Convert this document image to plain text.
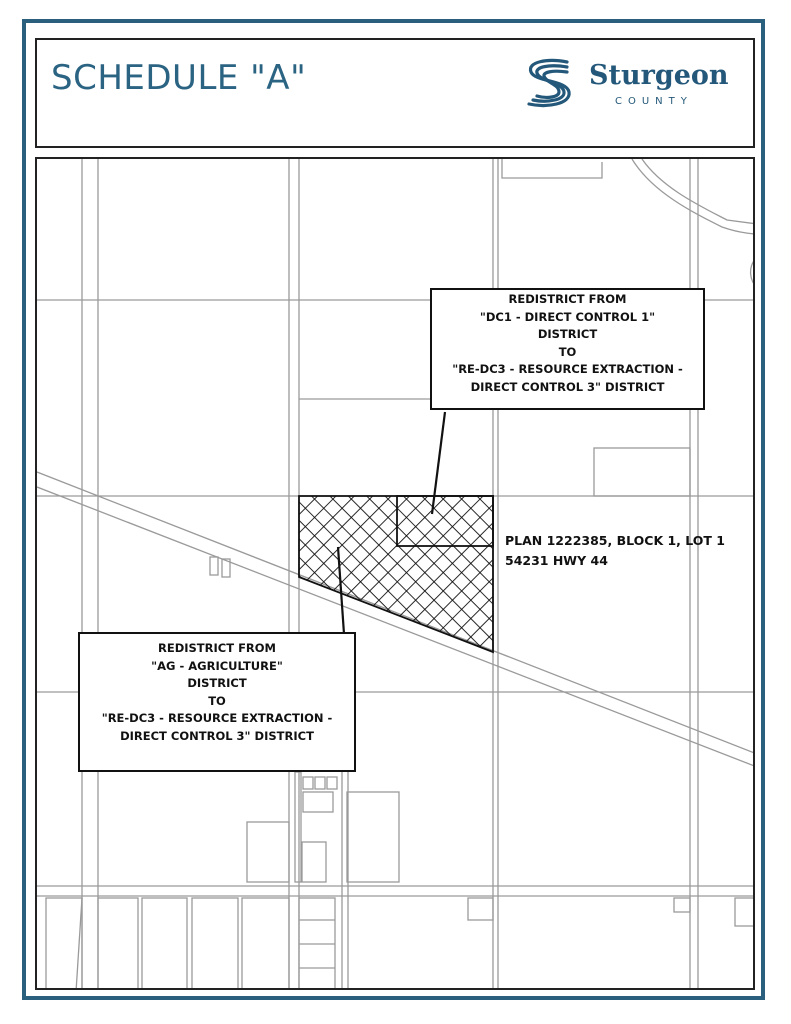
SCHEDULE "A"	Sturgeon
COUNTY
REDISTRICT FROM
"DC1 - DIRECT CONTROL 1"
DISTRICT
TO
"RE-DC3 - RESOURCE EXTRACTION -
DIRECT CONTROL 3" DISTRICT
REDISTRICT FROM
"AG - AGRICULTURE"
DISTRICT
TO
"RE-DC3 - RESOURCE EXTRACTION -
DIRECT CONTROL 3" DISTRICT
PLAN 1222385, BLOCK 1, LOT 1
54231 HWY 44
